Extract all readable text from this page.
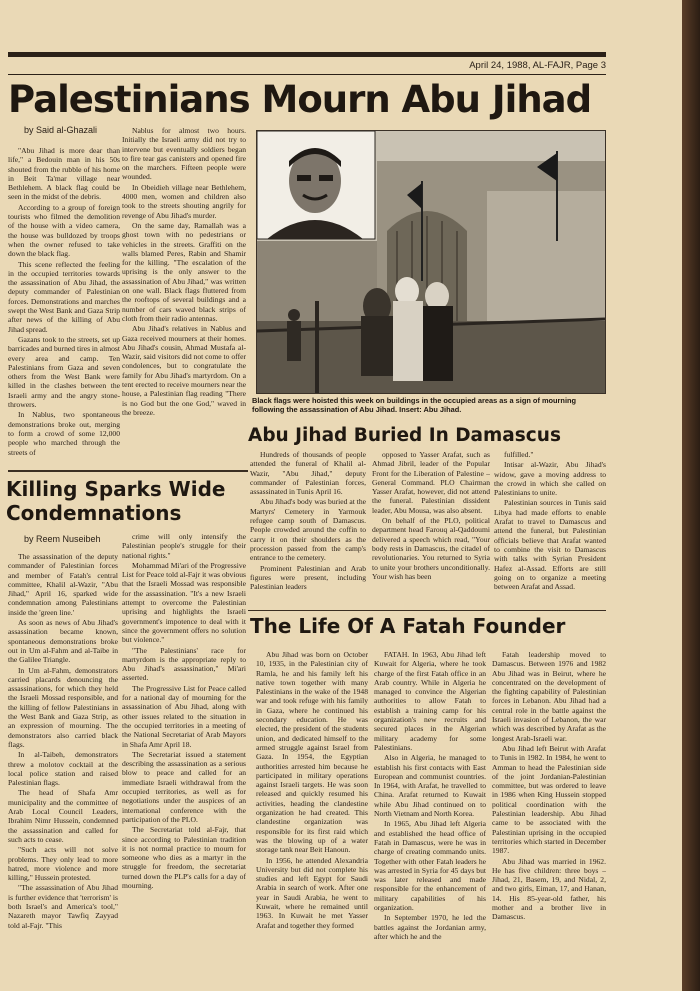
April 24, 1988, AL-FAJR, Page 3
Palestinians Mourn Abu Jihad
by Said al-Ghazali

"Abu Jihad is more dear than life," a Bedouin man in his 50s shouted from the rubble of his home in Beit Ta'mar village near Bethlehem. A black flag could be seen in the midst of the debris.

According to a group of foreign tourists who filmed the demolition of the house with a video camera, the house was bulldozed by troops when the owner refused to take down the black flag.

This scene reflected the feeling in the occupied territories towards the assassination of Abu Jihad, the deputy commander of Palestinian forces. Demonstrations and marches swept the West Bank and Gaza Strip after news of the killing of Abu Jihad spread.

Gazans took to the streets, set up barricades and burned tires in almost every area and camp. Ten Palestinians from Gaza and seven others from the West Bank were killed in the clashes between the Israeli army and the angry stone-throwers.

In Nablus, two spontaneous demonstrations broke out, merging to form a crowd of some 12,000 people who marched through the streets of

Nablus for almost two hours. Initially the Israeli army did not try to intervene but eventually soldiers began to fire tear gas canisters and opened fire on the marchers. Fifteen people were wounded.

In Obeidieh village near Bethlehem, 4000 men, women and children also took to the streets shouting angrily for revenge of Abu Jihad's murder.

On the same day, Ramallah was a ghost town with no pedestrians or vehicles in the streets. Graffiti on the walls blamed Peres, Rabin and Shamir for the killing. "The escalation of the uprising is the only answer to the assassination of Abu Jihad," was written on one wall. Black flags fluttered from the rooftops of several buildings and a number of cars waved black strips of cloth from their radio antennas.

Abu Jihad's relatives in Nablus and Gaza received mourners at their homes. Abu Jihad's cousin, Ahmad Mustafa al-Wazir, said visitors did not come to offer condolences, but to congratulate the family for Abu Jihad's martyrdom. On a tent erected to receive mourners near the house, a Palestinian flag reading "There is no God but the one God," waved in the breeze.

Black flags were hoisted this week on buildings in the occupied areas as a sign of mourning following the assassination of Abu Jihad. Insert: Abu Jihad.
Abu Jihad Buried In Damascus

Hundreds of thousands of people attended the funeral of Khalil al-Wazir, "Abu Jihad," deputy commander of Palestinian forces, assassinated in Tunis April 16.

Abu Jihad's body was buried at the Martyrs' Cemetery in Yarmouk refugee camp south of Damascus. People crowded around the coffin to carry it on their shoulders as the procession passed from the camp's entrance to the cemetery.

Prominent Palestinian and Arab figures were present, including Palestinian leaders

opposed to Yasser Arafat, such as Ahmad Jibril, leader of the Popular Front for the Liberation of Palestine – General Command. PLO Chairman Yasser Arafat, however, did not attend the funeral. Palestinian dissident leader, Abu Mousa, was also absent.

On behalf of the PLO, political department head Farouq al-Qaddoumi delivered a speech which read, "Your body rests in Damascus, the citadel of revolutionaries. You returned to Syria to unite your brothers unconditionally. Your wish has been

fulfilled."

Intisar al-Wazir, Abu Jihad's widow, gave a moving address to the crowd in which she called on Palestinians to unite.

Palestinian sources in Tunis said Libya had made efforts to enable Arafat to travel to Damascus and attend the funeral, but Palestinian officials believe that Arafat wanted to combine the visit to Damascus with talks with Syrian President Hafez al-Assad. Efforts are still going on to organize a meeting between Arafat and Assad.

Killing Sparks Wide Condemnations
by Reem Nuseibeh

The assassination of the deputy commander of Palestinian forces and member of Fatah's central committee, Khalil al-Wazir, "Abu Jihad," April 16, sparked wide condemnation among Palestinians inside the 'green line.'

As soon as news of Abu Jihad's assassination became known, spontaneous demonstrations broke out in Um al-Fahm and al-Taibe in the Galilee Triangle.

In Um al-Fahm, demonstrators carried placards denouncing the assassinations, for which they held the Israeli Mossad responsible, and the killing of fellow Palestinians in the West Bank and Gaza Strip, as an expression of mourning. The demonstrators also carried black flags.

In al-Taibeh, demonstrators threw a molotov cocktail at the local police station and raised Palestinian flags.

The head of Shafa Amr municipality and the committee of Arab Local Council Leaders, Ibrahim Nimr Hussein, condemned the assassination and called for such acts to cease.

"Such acts will not solve problems. They only lead to more hatred, more violence and more killing," Hussein protested.

"The assassination of Abu Jihad is further evidence that 'terrorism' is both Israel's and America's tool," Nazareth mayor Tawfiq Zayyad told al-Fajr. "This

crime will only intensify the Palestinian people's struggle for their national rights."

Mohammad Mi'ari of the Progressive List for Peace told al-Fajr it was obvious that the Israeli Mossad was responsible for the assassination. "It's a new Israeli attempt to overcome the Palestinian uprising and highlights the Israeli government's impotence to deal with it since the government offers no solution but violence."

"The Palestinians' race for martyrdom is the appropriate reply to Abu Jihad's assassination," Mi'ari asserted.

The Progressive List for Peace called for a national day of mourning for the assassination of Abu Jihad, along with other issues related to the situation in the occupied territories in a meeting of the National Secretariat of Arab Mayors in Shafa Amr April 18.

The Secretariat issued a statement describing the assassination as a serious blow to peace and called for an immediate Israeli withdrawal from the occupied territories, as well as for negotiations under the auspices of an international conference with the participation of the PLO.

The Secretariat told al-Fajr, that since according to Palestinian tradition it is not normal practice to mourn for someone who dies as a martyr in the struggle for freedom, the secretariat turned down the PLP's calls for a day of mourning.

The Life Of A Fatah Founder

Abu Jihad was born on October 10, 1935, in the Palestinian city of Ramla, he and his family left his native town together with many Palestinians in the wake of the 1948 war and took refuge with his family in Gaza, where he continued his secondary education. He was elected, the president of the students union, and dedicated himself to the armed struggle against Israel from Gaza. In 1954, the Egyptian authorities arrested him because he participated in military operations against Israeli targets. He was soon released and quickly resumed his activities, heading the clandestine organization he had created. This clandestine organization was responsible for its first raid which was the blowing up of a water storage tank near Beit Hanoun.

In 1956, he attended Alexandria University but did not complete his studies and left Egypt for Saudi Arabia in search of work. After one year in Saudi Arabia, he went to Kuwait, where he remained until 1963. In Kuwait he met Yasser Arafat and together they formed

FATAH. In 1963, Abu Jihad left Kuwait for Algeria, where he took charge of the first Fatah office in an Arab country. While in Algeria he managed to convince the Algerian authorities to allow Fatah to establish a training camp for his organization's new recruits and secured places in the Algerian military academy for some Palestinians.

Also in Algeria, he managed to establish his first contacts with East European and communist countries. In 1964, with Arafat, he travelled to China. Arafat returned to Kuwait while Abu Jihad continued on to North Vietnam and North Korea.

In 1965, Abu Jihad left Algeria and established the head office of Fatah in Damascus, were he was in charge of creating commando units. Together with other Fatah leaders he was arrested in Syria for 45 days but was later released and made responsible for the enhancement of military capabilities of his organization.

In September 1970, he led the battles against the Jordanian army, after which he and the

Fatah leadership moved to Damascus. Between 1976 and 1982 Abu Jihad was in Beirut, where he concentrated on the development of the fighting capability of Palestinian forces in Lebanon. Abu Jihad had a central role in the battle against the Israeli invasion of Lebanon, the war which was described by Arafat as the longest Arab-Israeli war.

Abu Jihad left Beirut with Arafat to Tunis in 1982. In 1984, he went to Amman to head the Palestinian side of the joint Jordanian-Palestinian committee, but was ordered to leave in 1986 when King Hussein stopped political coordination with the Palestinian leadership. Abu Jihad came to be associated with the Palestinian uprising in the occupied territories which started in December 1987.

Abu Jihad was married in 1962. He has five children: three boys – Jihad, 21, Basem, 19, and Nidal, 2, and two girls, Eiman, 17, and Hanan, 14. His 85-year-old father, his mother and a brother live in Damascus.
